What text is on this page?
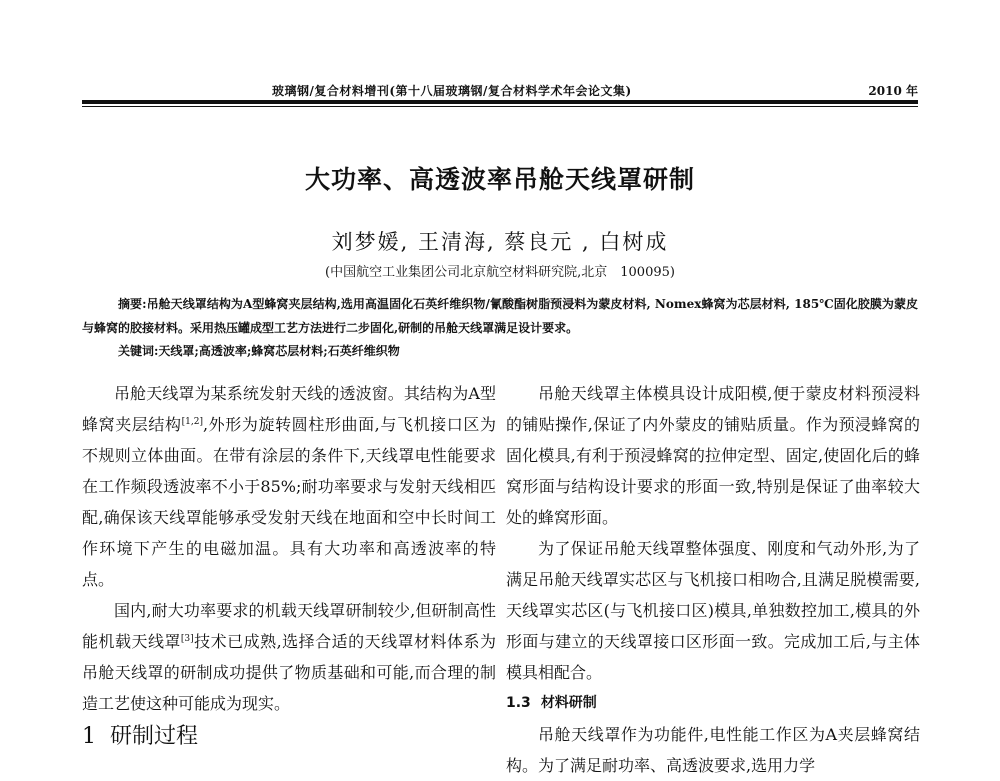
玻璃钢/复合材料增刊(第十八届玻璃钢/复合材料学术年会论文集)	2010 年
大功率、高透波率吊舱天线罩研制
刘梦媛, 王清海, 蔡良元 , 白树成
(中国航空工业集团公司北京航空材料研究院,北京　100095)

摘要:吊舱天线罩结构为A型蜂窝夹层结构,选用高温固化石英纤维织物/氰酸酯树脂预浸料为蒙皮材料, Nomex蜂窝为芯层材料, 185℃固化胶膜为蒙皮与蜂窝的胶接材料。采用热压罐成型工艺方法进行二步固化,研制的吊舱天线罩满足设计要求。

关键词:天线罩;高透波率;蜂窝芯层材料;石英纤维织物

吊舱天线罩为某系统发射天线的透波窗。其结构为A型蜂窝夹层结构[1,2],外形为旋转圆柱形曲面,与飞机接口区为不规则立体曲面。在带有涂层的条件下,天线罩电性能要求在工作频段透波率不小于85%;耐功率要求与发射天线相匹配,确保该天线罩能够承受发射天线在地面和空中长时间工作环境下产生的电磁加温。具有大功率和高透波率的特点。

国内,耐大功率要求的机载天线罩研制较少,但研制高性能机载天线罩[3]技术已成熟,选择合适的天线罩材料体系为吊舱天线罩的研制成功提供了物质基础和可能,而合理的制造工艺使这种可能成为现实。

1 研制过程

吊舱天线罩主体模具设计成阳模,便于蒙皮材料预浸料的铺贴操作,保证了内外蒙皮的铺贴质量。作为预浸蜂窝的固化模具,有利于预浸蜂窝的拉伸定型、固定,使固化后的蜂窝形面与结构设计要求的形面一致,特别是保证了曲率较大处的蜂窝形面。

为了保证吊舱天线罩整体强度、刚度和气动外形,为了满足吊舱天线罩实芯区与飞机接口相吻合,且满足脱模需要,天线罩实芯区(与飞机接口区)模具,单独数控加工,模具的外形面与建立的天线罩接口区形面一致。完成加工后,与主体模具相配合。

1.3 材料研制

吊舱天线罩作为功能件,电性能工作区为A夹层蜂窝结构。为了满足耐功率、高透波要求,选用力学
